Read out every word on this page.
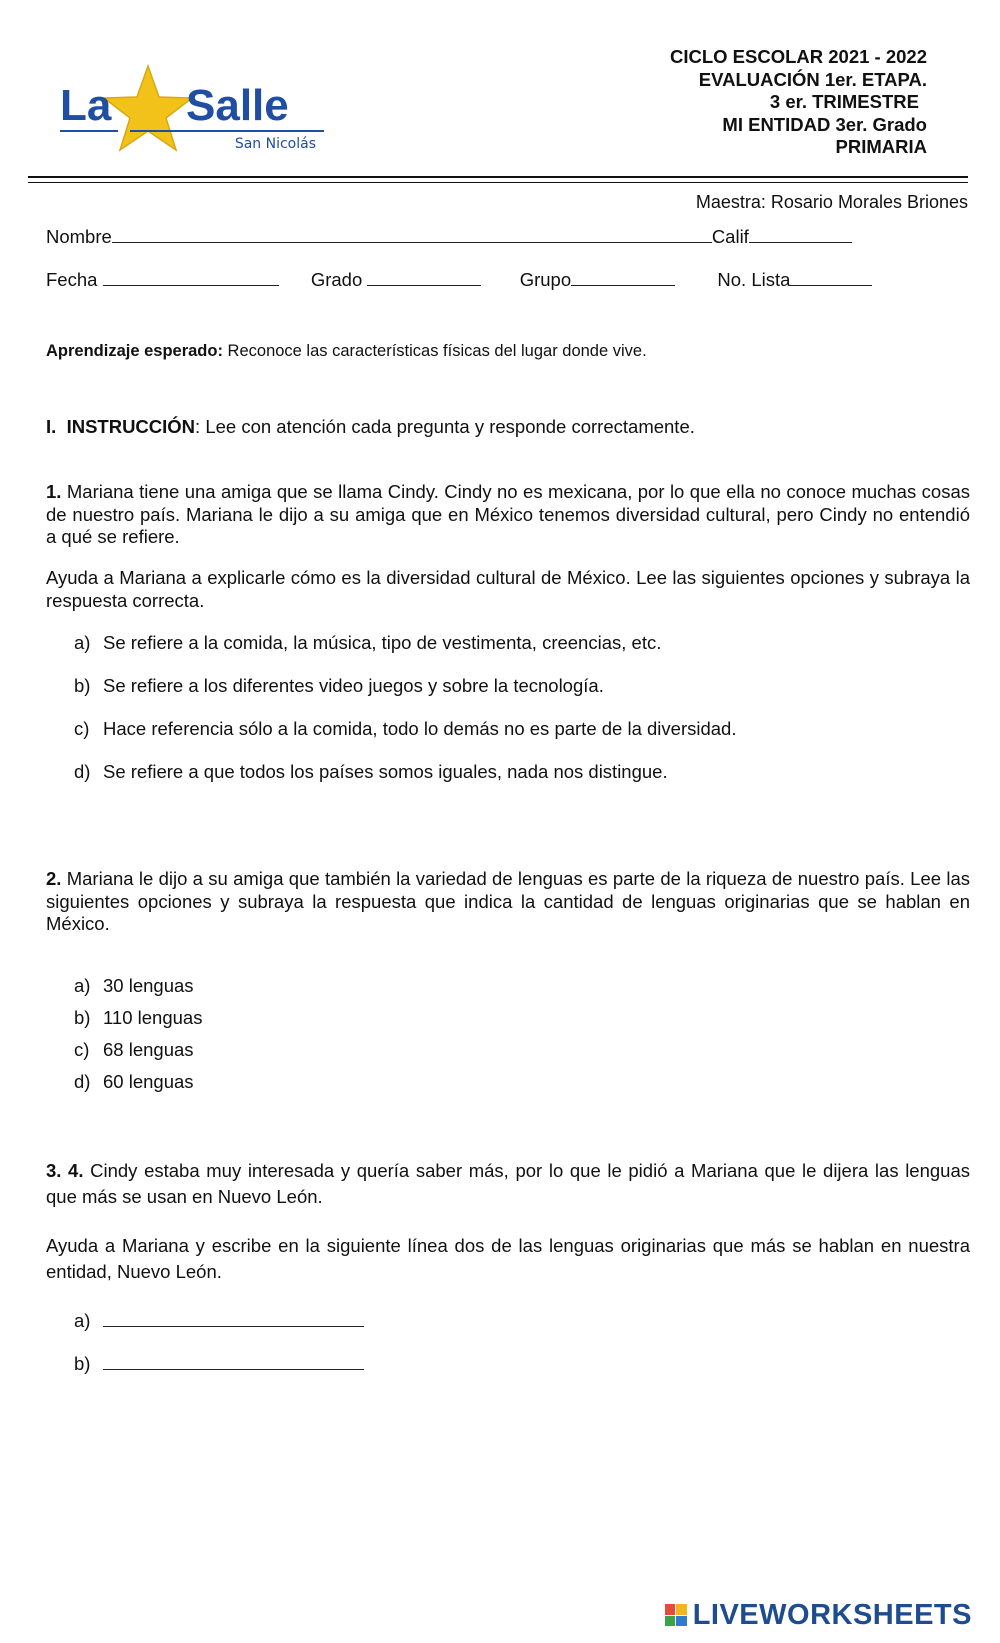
La Salle
San Nicolás
CICLO ESCOLAR 2021 - 2022
EVALUACIÓN 1er. ETAPA.
3 er. TRIMESTRE
MI ENTIDAD 3er. Grado
PRIMARIA
Maestra: Rosario Morales Briones
Nombre	Calif
Fecha	Grado	Grupo	No. Lista
Aprendizaje esperado: Reconoce las características físicas del lugar donde vive.
I. INSTRUCCIÓN: Lee con atención cada pregunta y responde correctamente.
1. Mariana tiene una amiga que se llama Cindy. Cindy no es mexicana, por lo que ella no conoce muchas cosas de nuestro país. Mariana le dijo a su amiga que en México tenemos diversidad cultural, pero Cindy no entendió a qué se refiere.
Ayuda a Mariana a explicarle cómo es la diversidad cultural de México. Lee las siguientes opciones y subraya la respuesta correcta.
a) Se refiere a la comida, la música, tipo de vestimenta, creencias, etc.
b) Se refiere a los diferentes video juegos y sobre la tecnología.
c) Hace referencia sólo a la comida, todo lo demás no es parte de la diversidad.
d) Se refiere a que todos los países somos iguales, nada nos distingue.
2. Mariana le dijo a su amiga que también la variedad de lenguas es parte de la riqueza de nuestro país. Lee las siguientes opciones y subraya la respuesta que indica la cantidad de lenguas originarias que se hablan en México.
a) 30 lenguas
b) 110 lenguas
c) 68 lenguas
d) 60 lenguas
3. 4. Cindy estaba muy interesada y quería saber más, por lo que le pidió a Mariana que le dijera las lenguas que más se usan en Nuevo León.
Ayuda a Mariana y escribe en la siguiente línea dos de las lenguas originarias que más se hablan en nuestra entidad, Nuevo León.
a)
b)
LIVEWORKSHEETS
